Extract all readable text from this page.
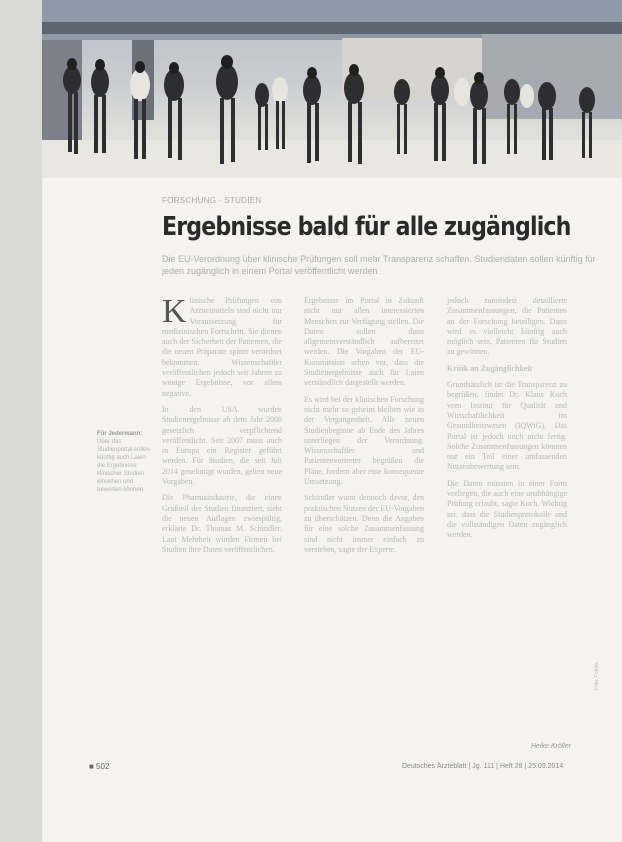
FORSCHUNG · STUDIEN
Ergebnisse bald für alle zugänglich
Die EU-Verordnung über klinische Prüfungen soll mehr Transparenz schaffen. Studiendaten sollen künftig für jeden zugänglich in einem Portal veröffentlicht werden.
Für Jedermann: Über das Studienportal sollen künftig auch Laien die Ergebnisse klinischer Studien einsehen und bewerten können.

K linische Prüfungen von Arzneimitteln sind nicht nur Voraussetzung für medizinischen Fortschritt. Sie dienen auch der Sicherheit der Patienten, die die neuen Präparate später verordnet bekommen. Wissenschaftler veröffentlichen jedoch seit Jahren zu wenige Ergebnisse, vor allem negative.

In den USA wurden Studienergebnisse ab dem Jahr 2008 gesetzlich verpflichtend veröffentlicht. Seit 2007 muss auch in Europa ein Register geführt werden. Für Studien, die seit Juli 2014 genehmigt wurden, gelten neue Vorgaben.

Die Pharmaindustrie, die einen Großteil der Studien finanziert, sieht die neuen Auflagen zwiespältig, erklärte Dr. Thomas M. Schindler. Laut Mehrheit würden Firmen bei Studien ihre Daten veröffentlichen.

Ergebnisse im Portal in Zukunft nicht nur allen interessierten Menschen zur Verfügung stellen. Die Daten sollen dann allgemeinverständlich aufbereitet werden. Die Vorgaben der EU-Kommission sehen vor, dass die Studienergebnisse auch für Laien verständlich dargestellt werden.

Es wird bei der klinischen Forschung nicht mehr so geheim bleiben wie in der Vergangenheit. Alle neuen Studienbeginne ab Ende des Jahres unterliegen der Verordnung. Wissenschaftler und Patientenvertreter begrüßen die Pläne, fordern aber eine konsequente Umsetzung.

Schindler warnt dennoch davor, den praktischen Nutzen der EU-Vorgaben zu überschätzen. Denn die Angaben für eine solche Zusammenfassung sind nicht immer einfach zu verstehen, sagte der Experte.

jedoch zumindest detaillierte Zusammenfassungen, die Patienten an der Forschung beteiligen. Dann wird es vielleicht künftig auch möglich sein, Patienten für Studien zu gewinnen.

Kritik an Zugänglichkeit

Grundsätzlich ist die Transparenz zu begrüßen, findet Dr. Klaus Koch vom Institut für Qualität und Wirtschaftlichkeit im Gesundheitswesen (IQWiG). Das Portal ist jedoch noch nicht fertig. Solche Zusammenfassungen könnten nur ein Teil einer umfassenden Nutzenbewertung sein.

Die Daten müssten in einer Form vorliegen, die auch eine unabhängige Prüfung erlaubt, sagte Koch. Wichtig sei, dass die Studienprotokolle und die vollständigen Daten zugänglich werden.

Heike Kröller
Foto: Fotolia
■ 502	Deutsches Ärzteblatt | Jg. 111 | Heft 28 | 25.09.2014
